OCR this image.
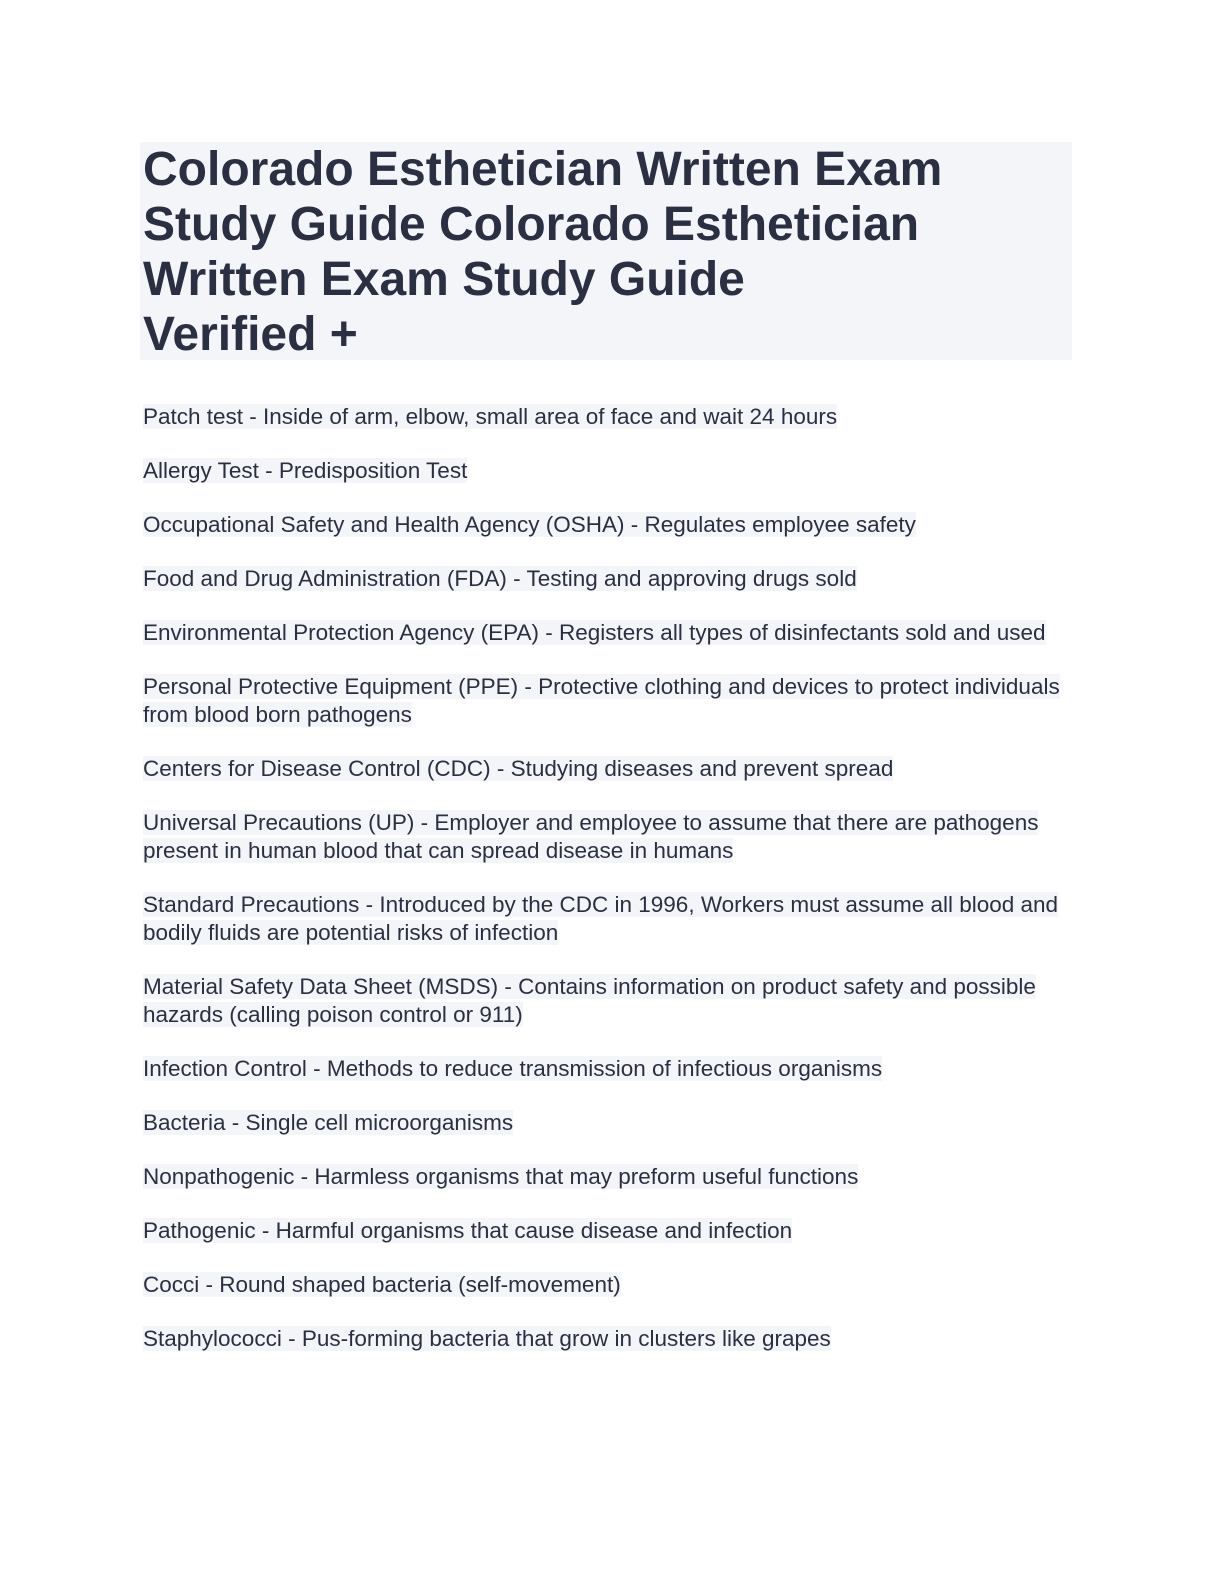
Colorado Esthetician Written Exam
Study Guide Colorado Esthetician
Written Exam Study Guide
Verified +
Patch test - Inside of arm, elbow, small area of face and wait 24 hours
Allergy Test - Predisposition Test
Occupational Safety and Health Agency (OSHA) - Regulates employee safety
Food and Drug Administration (FDA) - Testing and approving drugs sold
Environmental Protection Agency (EPA) - Registers all types of disinfectants sold and used
Personal Protective Equipment (PPE) - Protective clothing and devices to protect individuals from blood born pathogens
Centers for Disease Control (CDC) - Studying diseases and prevent spread
Universal Precautions (UP) - Employer and employee to assume that there are pathogens present in human blood that can spread disease in humans
Standard Precautions - Introduced by the CDC in 1996, Workers must assume all blood and bodily fluids are potential risks of infection
Material Safety Data Sheet (MSDS) - Contains information on product safety and possible hazards (calling poison control or 911)
Infection Control - Methods to reduce transmission of infectious organisms
Bacteria - Single cell microorganisms
Nonpathogenic - Harmless organisms that may preform useful functions
Pathogenic - Harmful organisms that cause disease and infection
Cocci - Round shaped bacteria (self-movement)
Staphylococci - Pus-forming bacteria that grow in clusters like grapes
